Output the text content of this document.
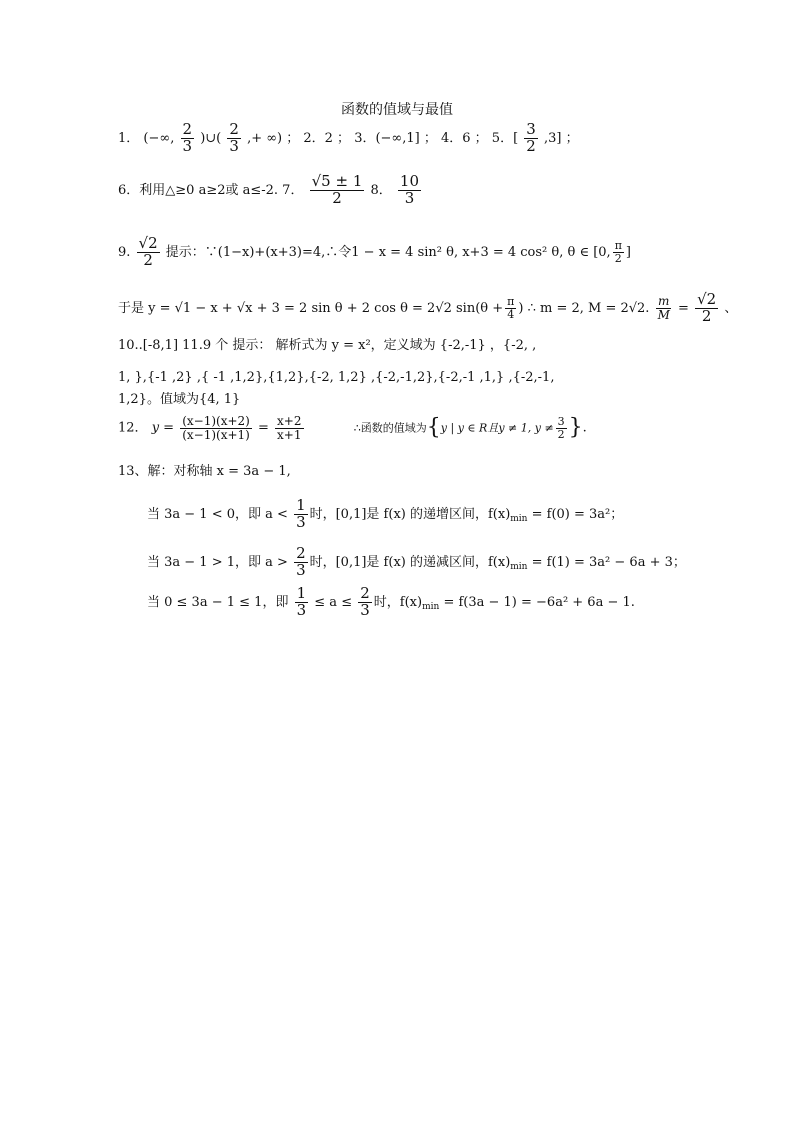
函数的值域与最值
1． (−∞, $\frac{2}{3}$ )∪( $\frac{2}{3}$ ,+ ∞) ； 2．2 ； 3．(−∞,1] ； 4．6 ； 5．[ $\frac{3}{2} ,3$] ；
6．利用△≥0 a≥2或 a≤-2. 7． $\frac{√5 \pm 1}{2} 8$． $\frac{10}{3}$
9. $\frac{√2}{2}$ 提示：∵(1−x)+(x+3)=4,∴令1 − x = 4 sin² θ, x+3 = 4 cos² θ, θ ∈ [0, $\frac{\pi}{2}$ ]
于是 y = √1 − x + √x + 3 = 2 sin θ + 2 cos θ = 2√2 $\sin(\theta + \frac{\pi}{4}$ ) ∴ m = 2, M = 2√2. $\frac{m}{M} = \frac{√2}{2}$ 、
10..[-8,1] 11.9 个 提示： 解析式为 y = x²，定义域为 {-2,-1} ，{-2, ,
1, },{-1 ,2} ,{ -1 ,1,2},{1,2},{-2, 1,2} ,{-2,-1,2},{-2,-1 ,1,} ,{-2,-1,
1,2}。值域为{4, 1}
12． $y = \frac{(x-1)(x+2)}{(x-1)(x+1)} = \frac{x+2}{x+1}$	∴函数的值域为{y | y ∈ R且y ≠ 1, $y \ne \frac{3}{2}$ }.
13、解：对称轴 x = 3a − 1,
当 3a − 1 < 0，即 $a < \frac{1}{3}$ 时，[0,1]是 f(x) 的递增区间，$f(x)_{min} = f(0) = 3a^2$；
当 3a − 1 > 1，即 $a > \frac{2}{3}$ 时，[0,1]是 f(x) 的递减区间，$f(x)_{min} = f(1) = 3a^2 - 6a + 3$；
当 0 ≤ 3a − 1 ≤ 1，即 $\frac{1}{3} \le a \le \frac{2}{3}$ 时，$f(x)_{min} = f(3a - 1) = -6a^2 + 6a - 1$.
